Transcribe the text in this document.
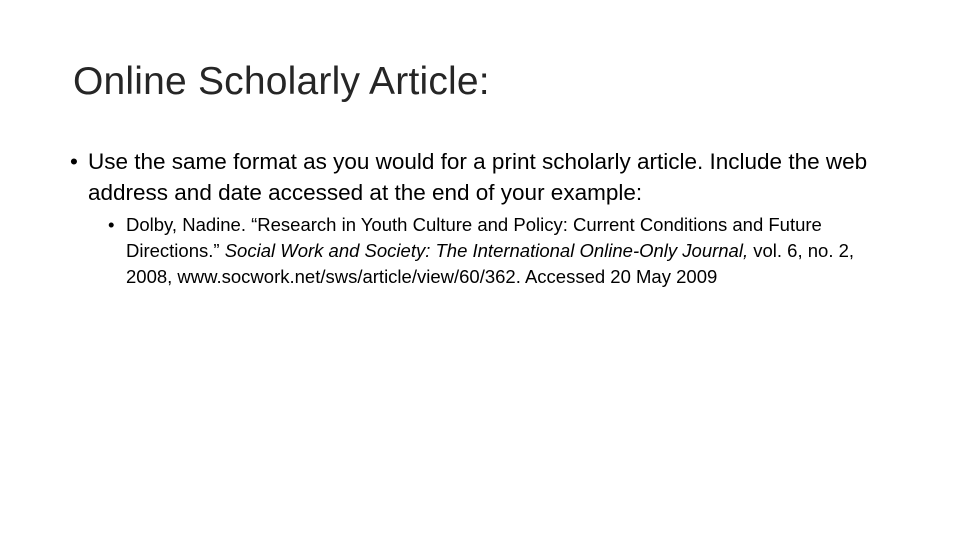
Online Scholarly Article:
• Use the same format as you would for a print scholarly article. Include the web address and date accessed at the end of your example:
• Dolby, Nadine. “Research in Youth Culture and Policy: Current Conditions and Future Directions.” Social Work and Society: The International Online-Only Journal, vol. 6, no. 2, 2008, www.socwork.net/sws/article/view/60/362. Accessed 20 May 2009
